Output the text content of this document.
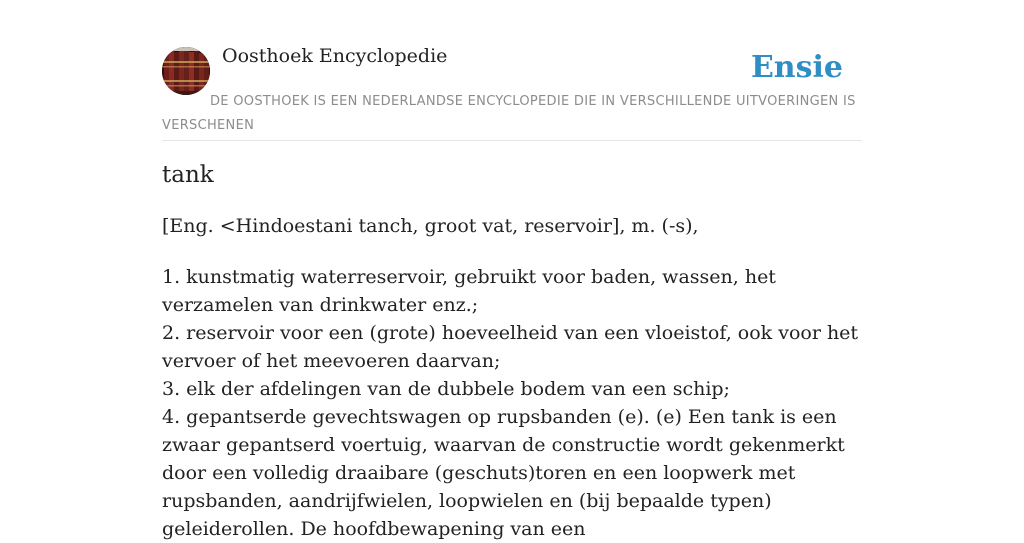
Oosthoek Encyclopedie	Ensie
DE OOSTHOEK IS EEN NEDERLANDSE ENCYCLOPEDIE DIE IN VERSCHILLENDE UITVOERINGEN IS VERSCHENEN
tank
[Eng. <Hindoestani tanch, groot vat, reservoir], m. (-s),

1. kunstmatig waterreservoir, gebruikt voor baden, wassen, het verzamelen van drinkwater enz.;

2. reservoir voor een (grote) hoeveelheid van een vloeistof, ook voor het vervoer of het meevoeren daarvan;

3. elk der afdelingen van de dubbele bodem van een schip;

4. gepantserde gevechtswagen op rupsbanden (e). (e) Een tank is een zwaar gepantserd voertuig, waarvan de constructie wordt gekenmerkt door een volledig draaibare (geschuts)toren en een loopwerk met rupsbanden, aandrijfwielen, loopwielen en (bij bepaalde typen) geleiderollen. De hoofdbewapening van een
